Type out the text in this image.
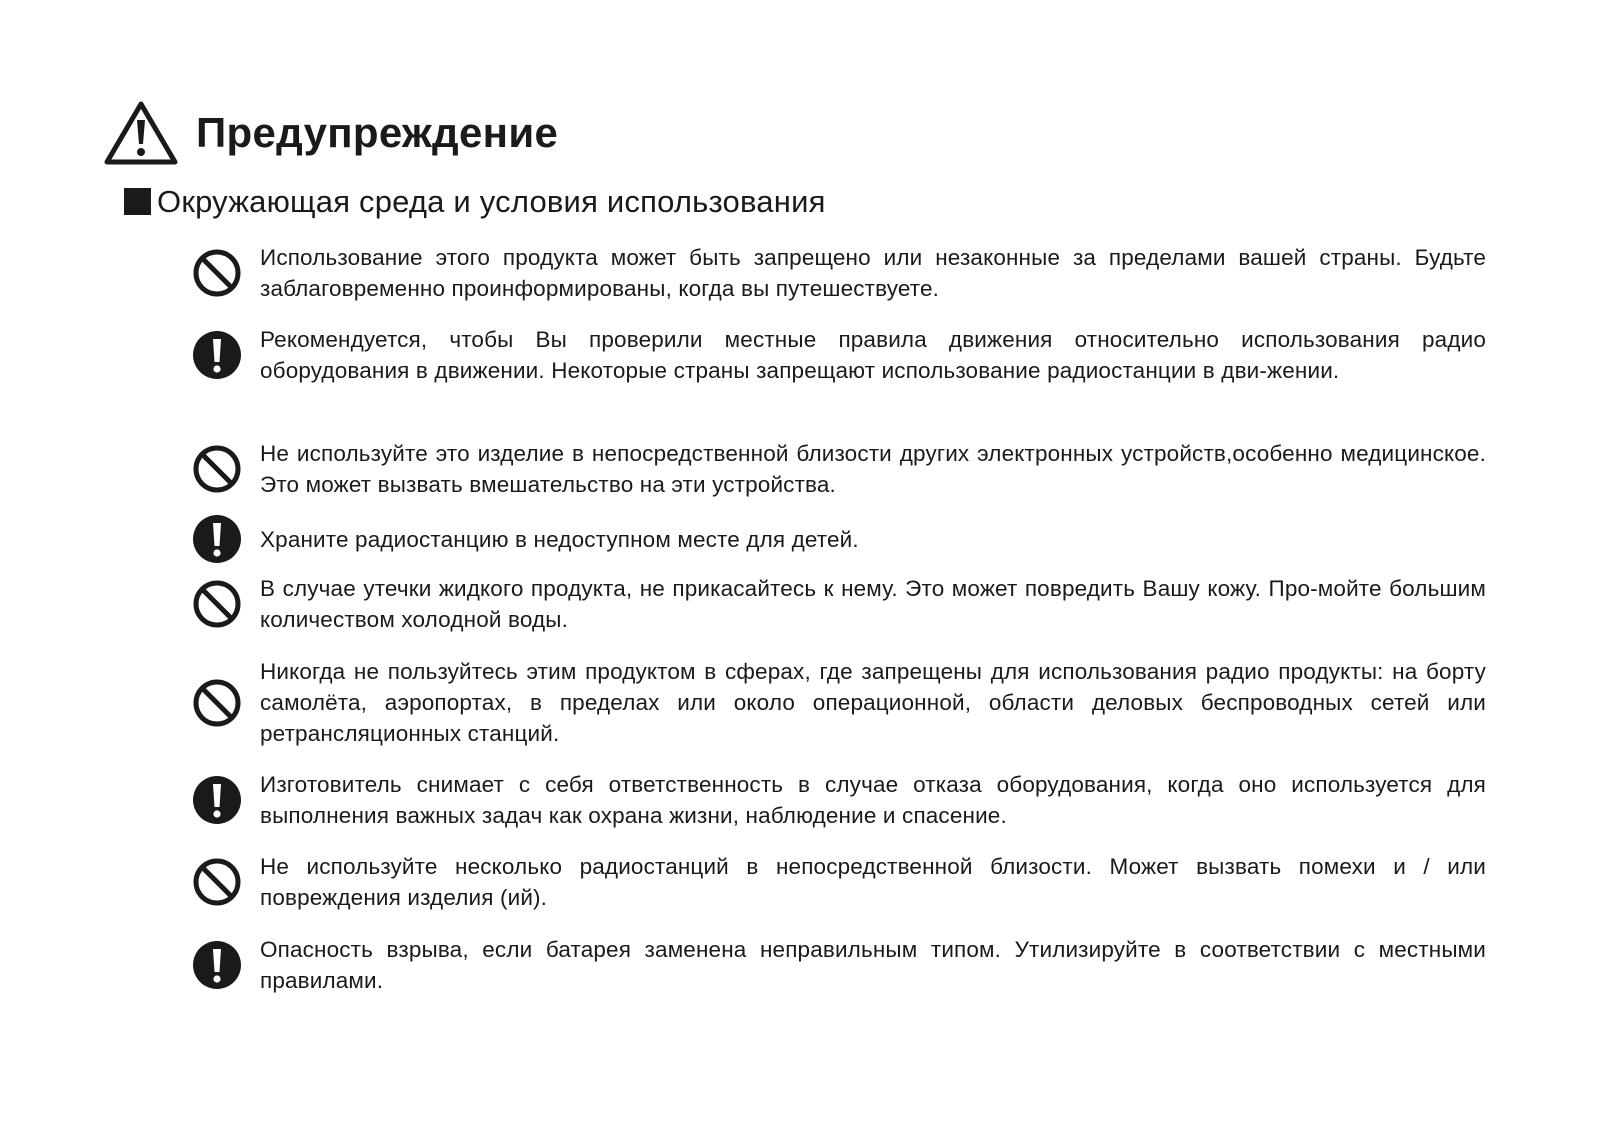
Предупреждение
Окружающая среда и условия использования

Использование этого продукта может быть запрещено или незаконные за пределами вашей страны. Будьте заблаговременно проинформированы, когда вы путешествуете.

Рекомендуется, чтобы Вы проверили местные правила движения относительно использования радио оборудования в движении. Некоторые страны запрещают использование радиостанции в дви-жении.

Не используйте это изделие в непосредственной близости других электронных устройств,особенно медицинское. Это может вызвать вмешательство на эти устройства.

Храните радиостанцию в недоступном месте для детей.

В случае утечки жидкого продукта, не прикасайтесь к нему. Это может повредить Вашу кожу. Про-мойте большим количеством холодной воды.

Никогда не пользуйтесь этим продуктом в сферах, где запрещены для использования радио продукты: на борту самолёта, аэропортах, в пределах или около операционной, области деловых беспроводных сетей или ретрансляционных станций.

Изготовитель снимает с себя ответственность в случае отказа оборудования, когда оно используется для выполнения важных задач как охрана жизни, наблюдение и спасение.

Не используйте несколько радиостанций в непосредственной близости. Может вызвать помехи и / или повреждения изделия (ий).

Опасность взрыва, если батарея заменена неправильным типом. Утилизируйте в соответствии с местными правилами.
